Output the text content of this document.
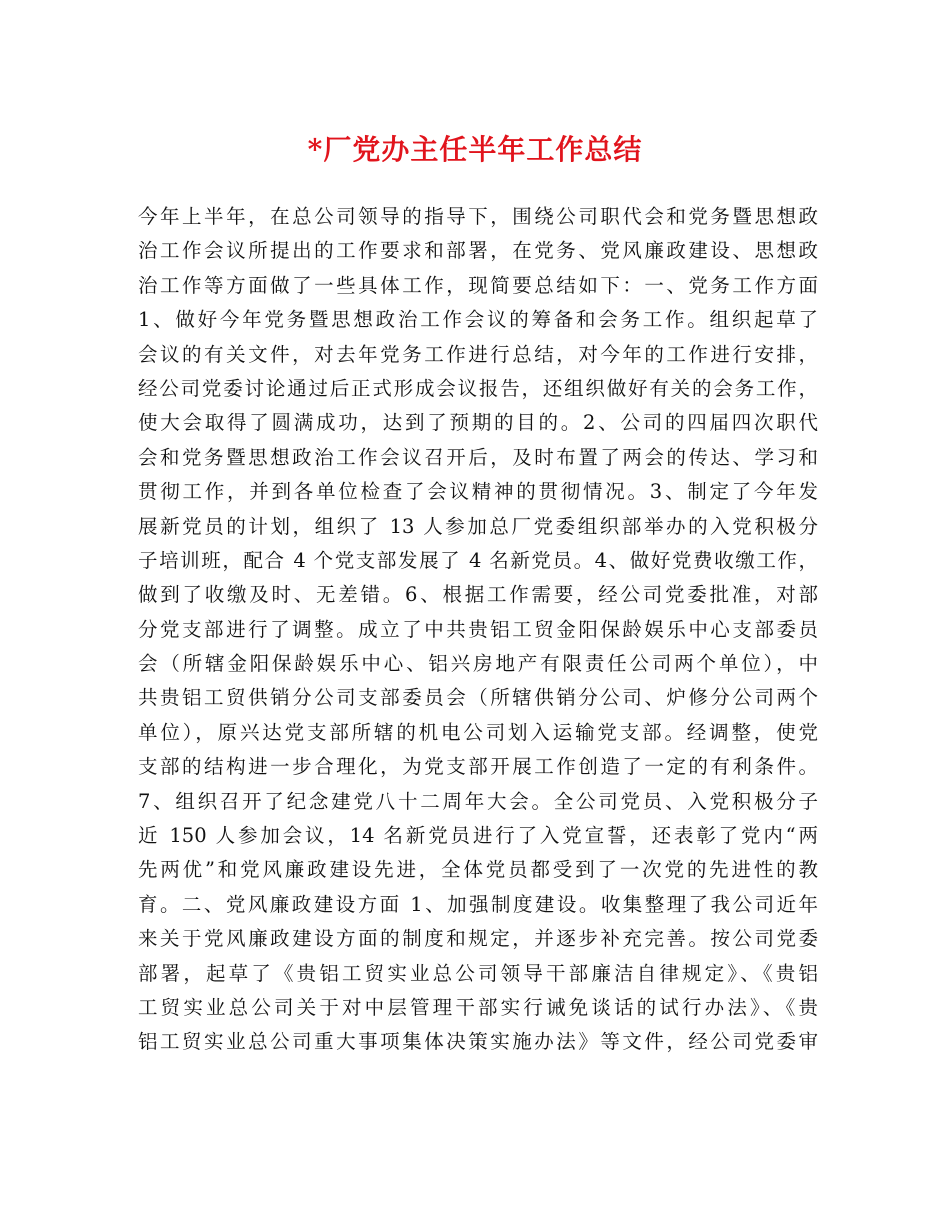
*厂党办主任半年工作总结
今年上半年，在总公司领导的指导下，围绕公司职代会和党务暨思想政
治工作会议所提出的工作要求和部署，在党务、党风廉政建设、思想政
治工作等方面做了一些具体工作，现简要总结如下：一、党务工作方面
1、做好今年党务暨思想政治工作会议的筹备和会务工作。组织起草了
会议的有关文件，对去年党务工作进行总结，对今年的工作进行安排，
经公司党委讨论通过后正式形成会议报告，还组织做好有关的会务工作，
使大会取得了圆满成功，达到了预期的目的。2、公司的四届四次职代
会和党务暨思想政治工作会议召开后，及时布置了两会的传达、学习和
贯彻工作，并到各单位检查了会议精神的贯彻情况。3、制定了今年发
展新党员的计划，组织了 13 人参加总厂党委组织部举办的入党积极分
子培训班，配合 4 个党支部发展了 4 名新党员。4、做好党费收缴工作，
做到了收缴及时、无差错。6、根据工作需要，经公司党委批准，对部
分党支部进行了调整。成立了中共贵铝工贸金阳保龄娱乐中心支部委员
会（所辖金阳保龄娱乐中心、铝兴房地产有限责任公司两个单位），中
共贵铝工贸供销分公司支部委员会（所辖供销分公司、炉修分公司两个
单位），原兴达党支部所辖的机电公司划入运输党支部。经调整，使党
支部的结构进一步合理化，为党支部开展工作创造了一定的有利条件。
7、组织召开了纪念建党八十二周年大会。全公司党员、入党积极分子
近 150 人参加会议，14 名新党员进行了入党宣誓，还表彰了党内“两
先两优”和党风廉政建设先进，全体党员都受到了一次党的先进性的教
育。二、党风廉政建设方面 1、加强制度建设。收集整理了我公司近年
来关于党风廉政建设方面的制度和规定，并逐步补充完善。按公司党委
部署，起草了《贵铝工贸实业总公司领导干部廉洁自律规定》、《贵铝
工贸实业总公司关于对中层管理干部实行诫免谈话的试行办法》、《贵
铝工贸实业总公司重大事项集体决策实施办法》等文件，经公司党委审
